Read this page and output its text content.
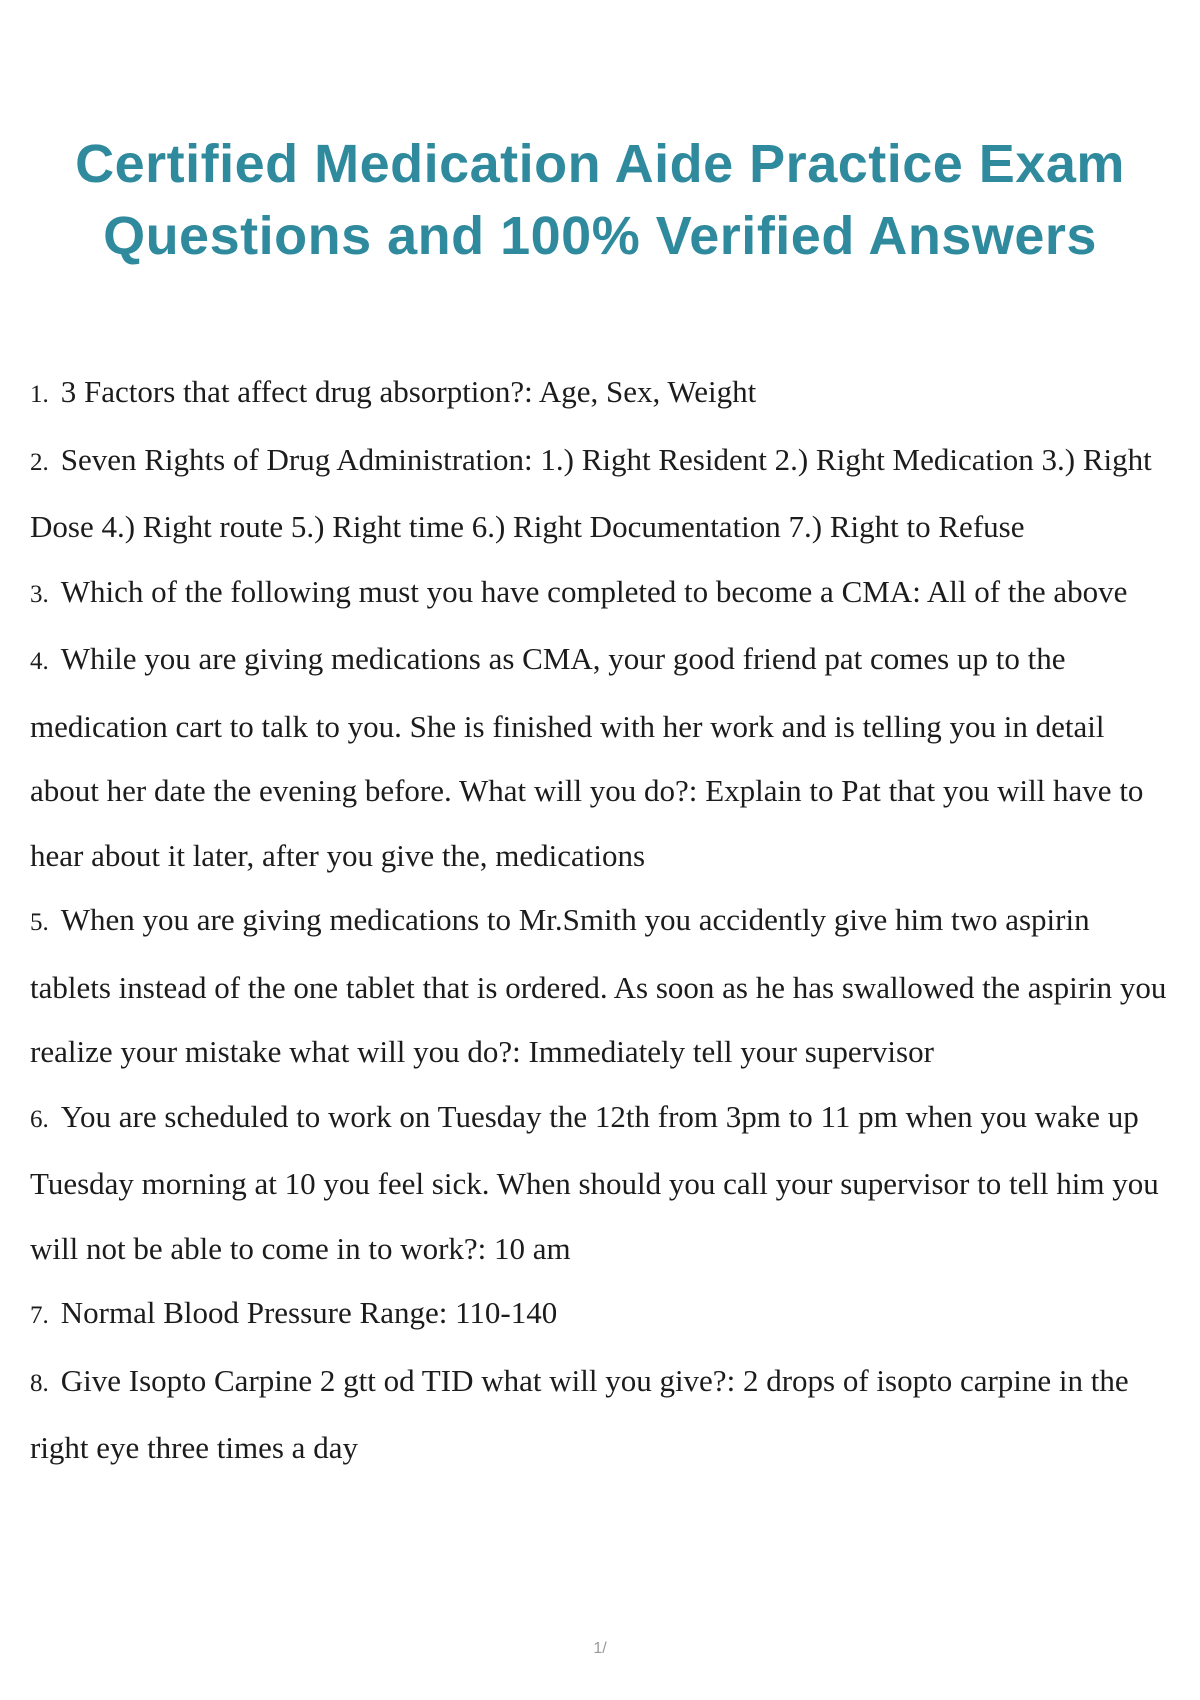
Certified Medication Aide Practice Exam
Questions and 100% Verified Answers
1. 3 Factors that affect drug absorption?: Age, Sex, Weight
2. Seven Rights of Drug Administration: 1.) Right Resident 2.) Right Medication 3.) Right Dose 4.) Right route 5.) Right time 6.) Right Documentation 7.) Right to Refuse
3. Which of the following must you have completed to become a CMA: All of the above
4. While you are giving medications as CMA, your good friend pat comes up to the medication cart to talk to you. She is finished with her work and is telling you in detail about her date the evening before. What will you do?: Explain to Pat that you will have to hear about it later, after you give the, medications
5. When you are giving medications to Mr.Smith you accidently give him two aspirin tablets instead of the one tablet that is ordered. As soon as he has swallowed the aspirin you realize your mistake what will you do?: Immediately tell your supervisor
6. You are scheduled to work on Tuesday the 12th from 3pm to 11 pm when you wake up Tuesday morning at 10 you feel sick. When should you call your supervisor to tell him you will not be able to come in to work?: 10 am
7. Normal Blood Pressure Range: 110-140
8. Give Isopto Carpine 2 gtt od TID what will you give?: 2 drops of isopto carpine in the right eye three times a day
1/
